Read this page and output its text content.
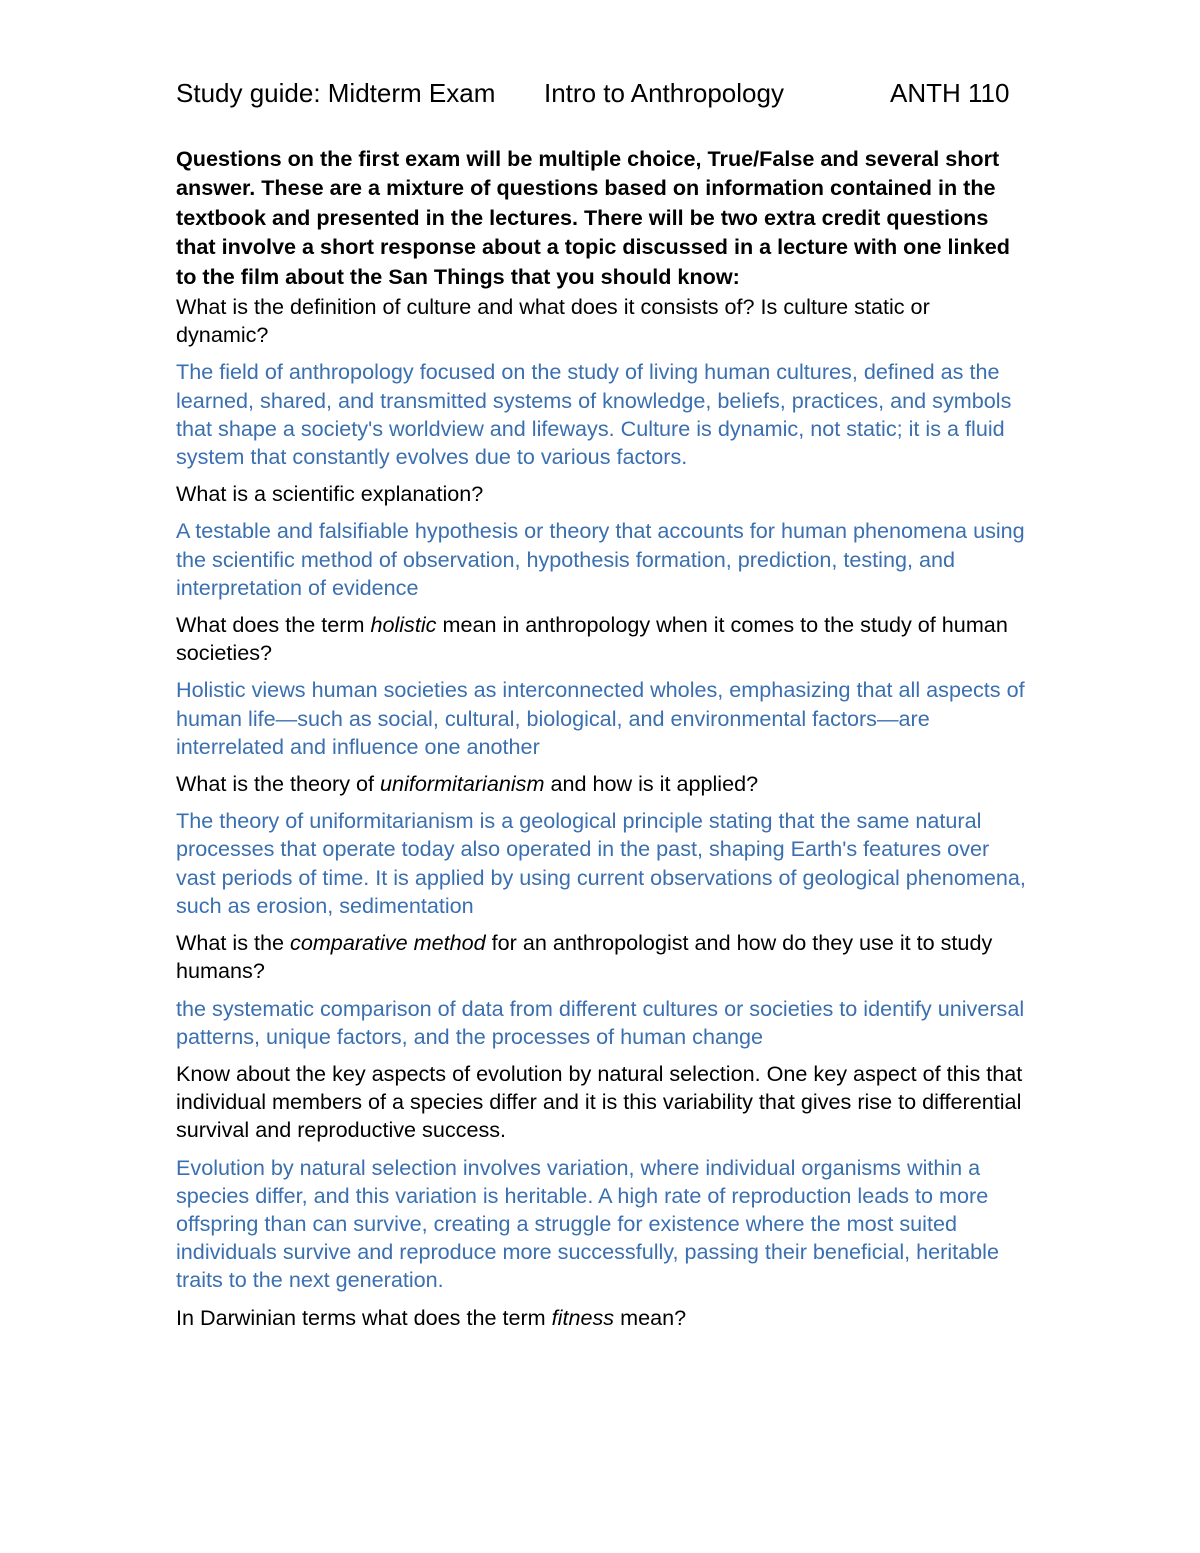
Study guide: Midterm Exam Intro to Anthropology	ANTH 110

Questions on the first exam will be multiple choice, True/False and several short answer. These are a mixture of questions based on information contained in the textbook and presented in the lectures. There will be two extra credit questions that involve a short response about a topic discussed in a lecture with one linked to the film about the San Things that you should know:

What is the definition of culture and what does it consists of? Is culture static or dynamic?

The field of anthropology focused on the study of living human cultures, defined as the learned, shared, and transmitted systems of knowledge, beliefs, practices, and symbols that shape a society's worldview and lifeways. Culture is dynamic, not static; it is a fluid system that constantly evolves due to various factors.

What is a scientific explanation?

A testable and falsifiable hypothesis or theory that accounts for human phenomena using the scientific method of observation, hypothesis formation, prediction, testing, and interpretation of evidence

What does the term holistic mean in anthropology when it comes to the study of human societies?

Holistic views human societies as interconnected wholes, emphasizing that all aspects of human life—such as social, cultural, biological, and environmental factors—are interrelated and influence one another

What is the theory of uniformitarianism and how is it applied?

The theory of uniformitarianism is a geological principle stating that the same natural processes that operate today also operated in the past, shaping Earth's features over vast periods of time. It is applied by using current observations of geological phenomena, such as erosion, sedimentation

What is the comparative method for an anthropologist and how do they use it to study humans?

the systematic comparison of data from different cultures or societies to identify universal patterns, unique factors, and the processes of human change

Know about the key aspects of evolution by natural selection. One key aspect of this that individual members of a species differ and it is this variability that gives rise to differential survival and reproductive success.

Evolution by natural selection involves variation, where individual organisms within a species differ, and this variation is heritable. A high rate of reproduction leads to more offspring than can survive, creating a struggle for existence where the most suited individuals survive and reproduce more successfully, passing their beneficial, heritable traits to the next generation.

In Darwinian terms what does the term fitness mean?
